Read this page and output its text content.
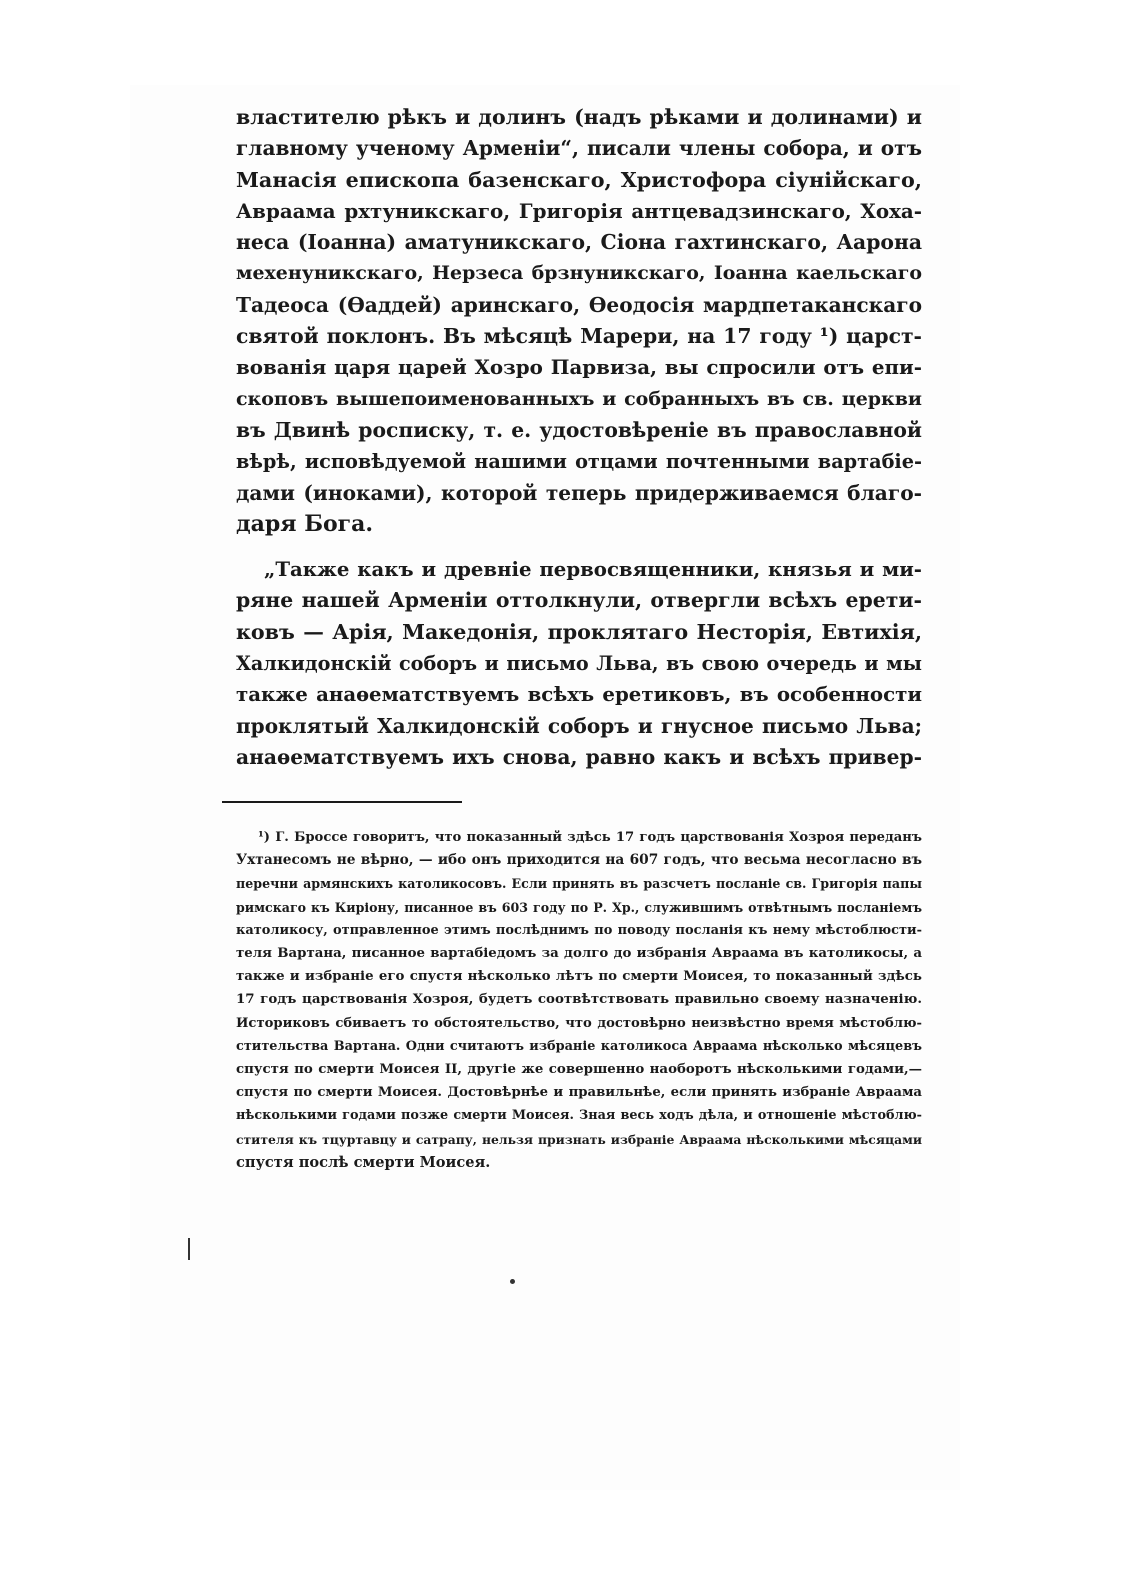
властителю рѣкъ и долинъ (надъ рѣками и долинами) и

главному ученому Арменіи“, писали члены собора, и отъ

Манасія епископа базенскаго, Христофора сіунійскаго,

Авраама рхтуникскаго, Григорія антцевадзинскаго, Хоха-

неса (Іоанна) аматуникскаго, Сіона гахтинскаго, Аарона

мехенуникскаго, Нерзеса брзнуникскаго, Іоанна каельскаго

Тадеоса (Ѳаддей) аринскаго, Ѳеодосія мардпетаканскаго

святой поклонъ. Въ мѣсяцѣ Марери, на 17 году ¹) царст-

вованія царя царей Хозро Парвиза, вы спросили отъ епи-

скоповъ вышепоименованныхъ и собранныхъ въ св. церкви

въ Двинѣ роспиcку, т. е. удостовѣреніе въ православной

вѣрѣ, исповѣдуемой нашими отцами почтенными вартабіе-

дами (иноками), которой теперь придерживаемся благо-

даря Бога.

„Также какъ и древніе первосвященники, князья и ми-

ряне нашей Арменіи оттолкнули, отвергли всѣхъ ерети-

ковъ — Арія, Македонія, проклятаго Несторія, Евтихія,

Халкидонскій соборъ и письмо Льва, въ свою очередь и мы

также анаѳематствуемъ всѣхъ еретиковъ, въ особенности

проклятый Халкидонскій соборъ и гнусное письмо Льва;

анаѳематствуемъ ихъ снова, равно какъ и всѣхъ привер-

¹) Г. Броссе говоритъ, что показанный здѣсь 17 годъ царствованія Хозроя переданъ

Ухтанесомъ не вѣрно, — ибо онъ приходится на 607 годъ, что весьма несогласно въ

перечни армянскихъ католикосовъ. Если принять въ разсчетъ посланіе св. Григорія папы

римскаго къ Киріону, писанное въ 603 году по Р. Хр., служившимъ отвѣтнымъ посланіемъ

католикосу, отправленное этимъ послѣднимъ по поводу посланія къ нему мѣстоблюсти-

теля Вартана, писанное вартабіедомъ за долго до избранія Авраама въ католикосы, а

также и избраніе его спустя нѣсколько лѣтъ по смерти Моисея, то показанный здѣсь

17 годъ царствованія Хозроя, будетъ соотвѣтствовать правильно своему назначенію.

Историковъ сбиваетъ то обстоятельство, что достовѣрно неизвѣстно время мѣстоблю-

стительства Вартана. Одни считаютъ избраніе католикоса Авраама нѣсколько мѣсяцевъ

спустя по смерти Моисея II, другіе же совершенно наоборотъ нѣсколькими годами,—

спустя по смерти Моисея. Достовѣрнѣе и правильнѣе, если принять избраніе Авраама

нѣсколькими годами позже смерти Моисея. Зная весь ходъ дѣла, и отношеніе мѣстоблю-

стителя къ тцуртавцу и сатрапу, нельзя признать избраніе Авраама нѣсколькими мѣсяцами

спустя послѣ смерти Моисея.
